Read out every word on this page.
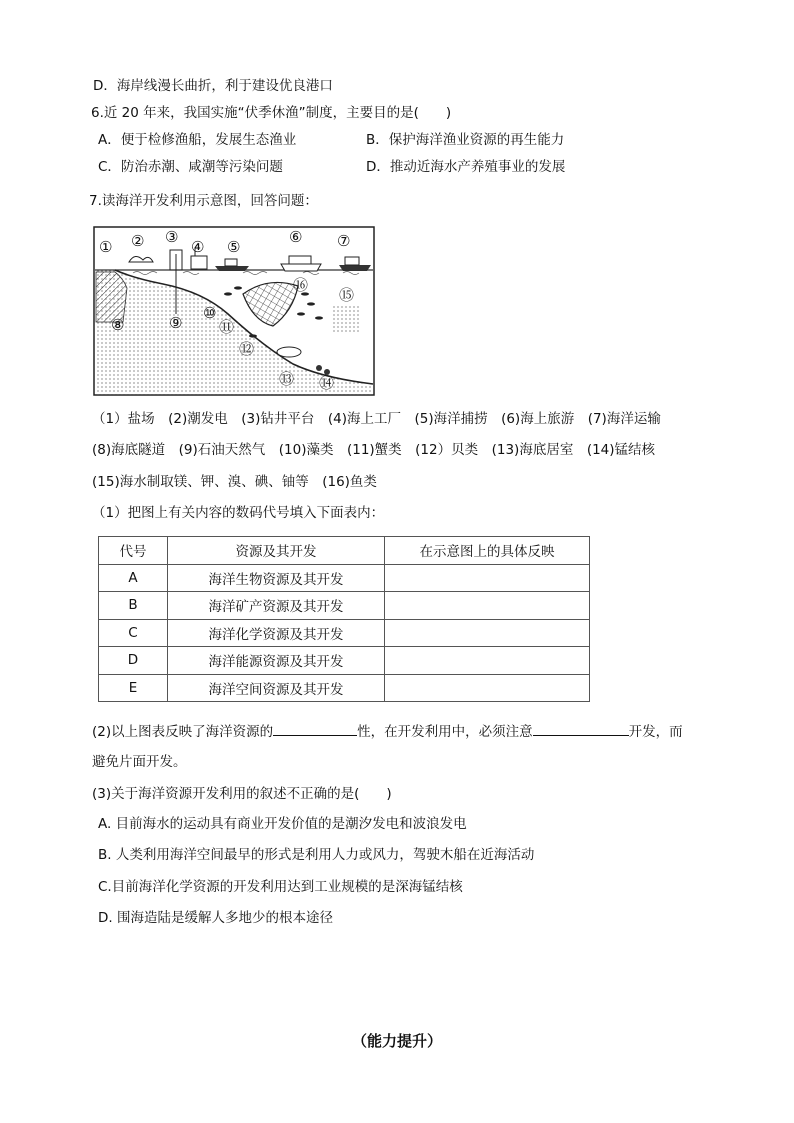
D．海岸线漫长曲折，利于建设优良港口
6.近 20 年来，我国实施“伏季休渔”制度，主要目的是(　　)
A．便于检修渔船，发展生态渔业	B．保护海洋渔业资源的再生能力
C．防治赤潮、咸潮等污染问题	D．推动近海水产养殖事业的发展
7.读海洋开发利用示意图，回答问题：
① ② ③
④ ⑤
⑥ ⑦
⑧	⑨
⑩
⑪
⑫
⑬ ⑭
⑮
⑯
（1）盐场　(2)潮发电　(3)钻井平台　(4)海上工厂　(5)海洋捕捞　(6)海上旅游　(7)海洋运输
(8)海底隧道　(9)石油天然气　(10)藻类　(11)蟹类　(12）贝类　(13)海底居室　(14)锰结核
(15)海水制取镁、钾、溴、碘、铀等　(16)鱼类
（1）把图上有关内容的数码代号填入下面表内：
代号	资源及其开发	在示意图上的具体反映
A	海洋生物资源及其开发	
B	海洋矿产资源及其开发	
C	海洋化学资源及其开发	
D	海洋能源资源及其开发	
E	海洋空间资源及其开发	
(2)以上图表反映了海洋资源的	性，在开发利用中，必须注意	开发，而
避免片面开发。
(3)关于海洋资源开发利用的叙述不正确的是(　　)
A. 目前海水的运动具有商业开发价值的是潮汐发电和波浪发电
B. 人类利用海洋空间最早的形式是利用人力或风力，驾驶木船在近海活动
C.目前海洋化学资源的开发利用达到工业规模的是深海锰结核
D. 围海造陆是缓解人多地少的根本途径
（能力提升）
